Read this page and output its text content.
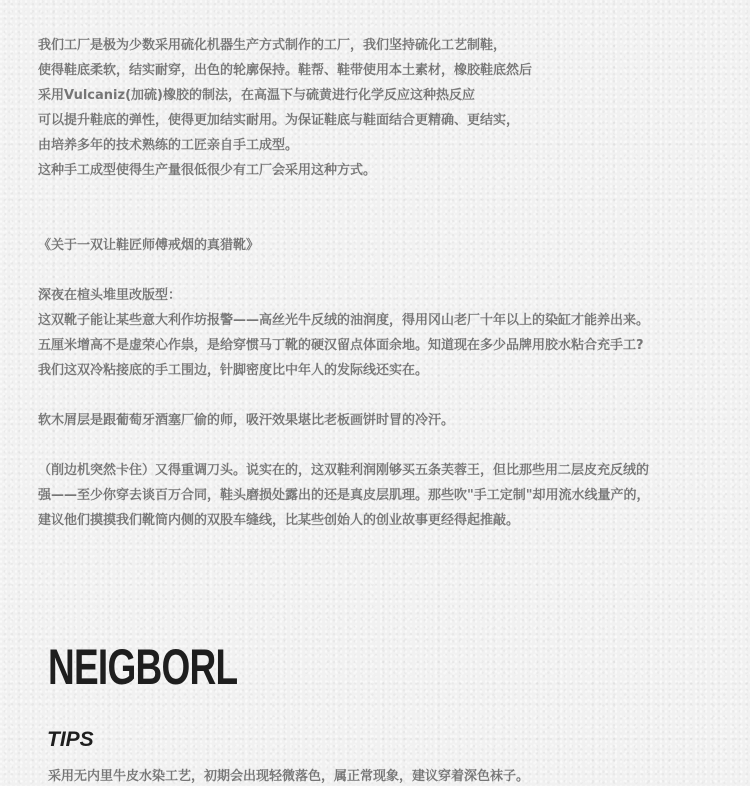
我们工厂是极为少数采用硫化机器生产方式制作的工厂，我们坚持硫化工艺制鞋，

使得鞋底柔软，结实耐穿，出色的轮廓保持。鞋帮、鞋带使用本土素材，橡胶鞋底然后

采用Vulcaniz(加硫)橡胶的制法，在高温下与硫黄进行化学反应这种热反应

可以提升鞋底的弹性，使得更加结实耐用。为保证鞋底与鞋面结合更精确、更结实，

由培养多年的技术熟练的工匠亲自手工成型。

这种手工成型使得生产量很低很少有工厂会采用这种方式。

《关于一双让鞋匠师傅戒烟的真猎靴》
深夜在楦头堆里改版型：

这双靴子能让某些意大利作坊报警——高丝光牛反绒的油润度，得用冈山老厂十年以上的染缸才能养出来。

五厘米增高不是虚荣心作祟，是给穿惯马丁靴的硬汉留点体面余地。知道现在多少品牌用胶水粘合充手工?

我们这双冷粘接底的手工围边，针脚密度比中年人的发际线还实在。

软木屑层是跟葡萄牙酒塞厂偷的师，吸汗效果堪比老板画饼时冒的冷汗。

（削边机突然卡住）又得重调刀头。说实在的，这双鞋利润刚够买五条芙蓉王，但比那些用二层皮充反绒的

强——至少你穿去谈百万合同，鞋头磨损处露出的还是真皮层肌理。那些吹"手工定制"却用流水线量产的，

建议他们摸摸我们靴筒内侧的双股车缝线，比某些创始人的创业故事更经得起推敲。

NEIGBORL
TIPS
采用无内里牛皮水染工艺，初期会出现轻微落色，属正常现象，建议穿着深色袜子。
